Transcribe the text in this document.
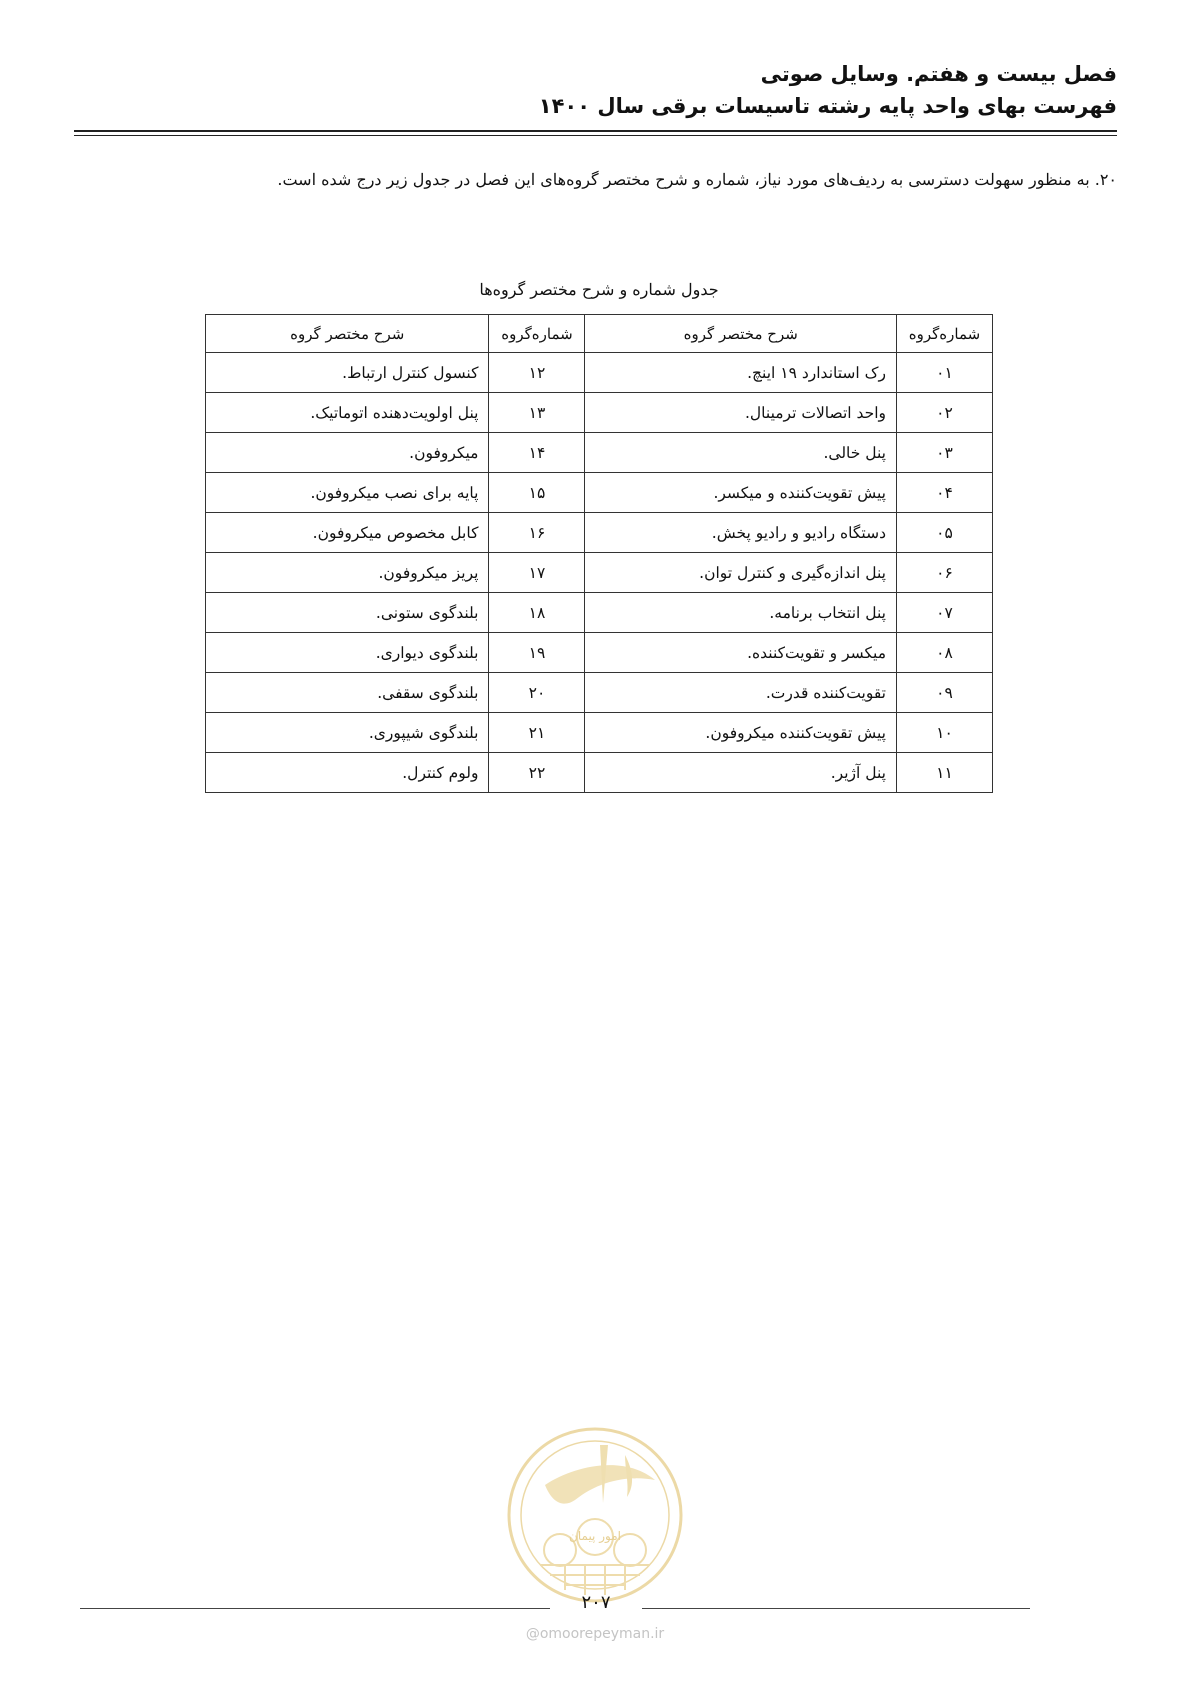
فصل بیست و هفتم. وسایل صوتی
فهرست بهای واحد پایه رشته تاسیسات برقی سال ۱۴۰۰
۲۰. به منظور سهولت دسترسی به ردیف‌های مورد نیاز، شماره و شرح مختصر گروه‌های این فصل در جدول زیر درج شده است.
جدول شماره و شرح مختصر گروه‌ها
شماره‌گروه	شرح مختصر گروه	شماره‌گروه	شرح مختصر گروه
۰۱	رک استاندارد ۱۹ اینچ.	۱۲	کنسول کنترل ارتباط.
۰۲	واحد اتصالات ترمینال.	۱۳	پنل اولویت‌دهنده اتوماتیک.
۰۳	پنل خالی.	۱۴	میکروفون.
۰۴	پیش تقویت‌کننده و میکسر.	۱۵	پایه برای نصب میکروفون.
۰۵	دستگاه رادیو و رادیو پخش.	۱۶	کابل مخصوص میکروفون.
۰۶	پنل اندازه‌گیری و کنترل توان.	۱۷	پریز میکروفون.
۰۷	پنل انتخاب برنامه.	۱۸	بلندگوی ستونی.
۰۸	میکسر و تقویت‌کننده.	۱۹	بلندگوی دیواری.
۰۹	تقویت‌کننده قدرت.	۲۰	بلندگوی سقفی.
۱۰	پیش تقویت‌کننده میکروفون.	۲۱	بلندگوی شیپوری.
۱۱	پنل آژیر.	۲۲	ولوم کنترل.
امور پیمان
۲۰۷
@omoorepeyman.ir
